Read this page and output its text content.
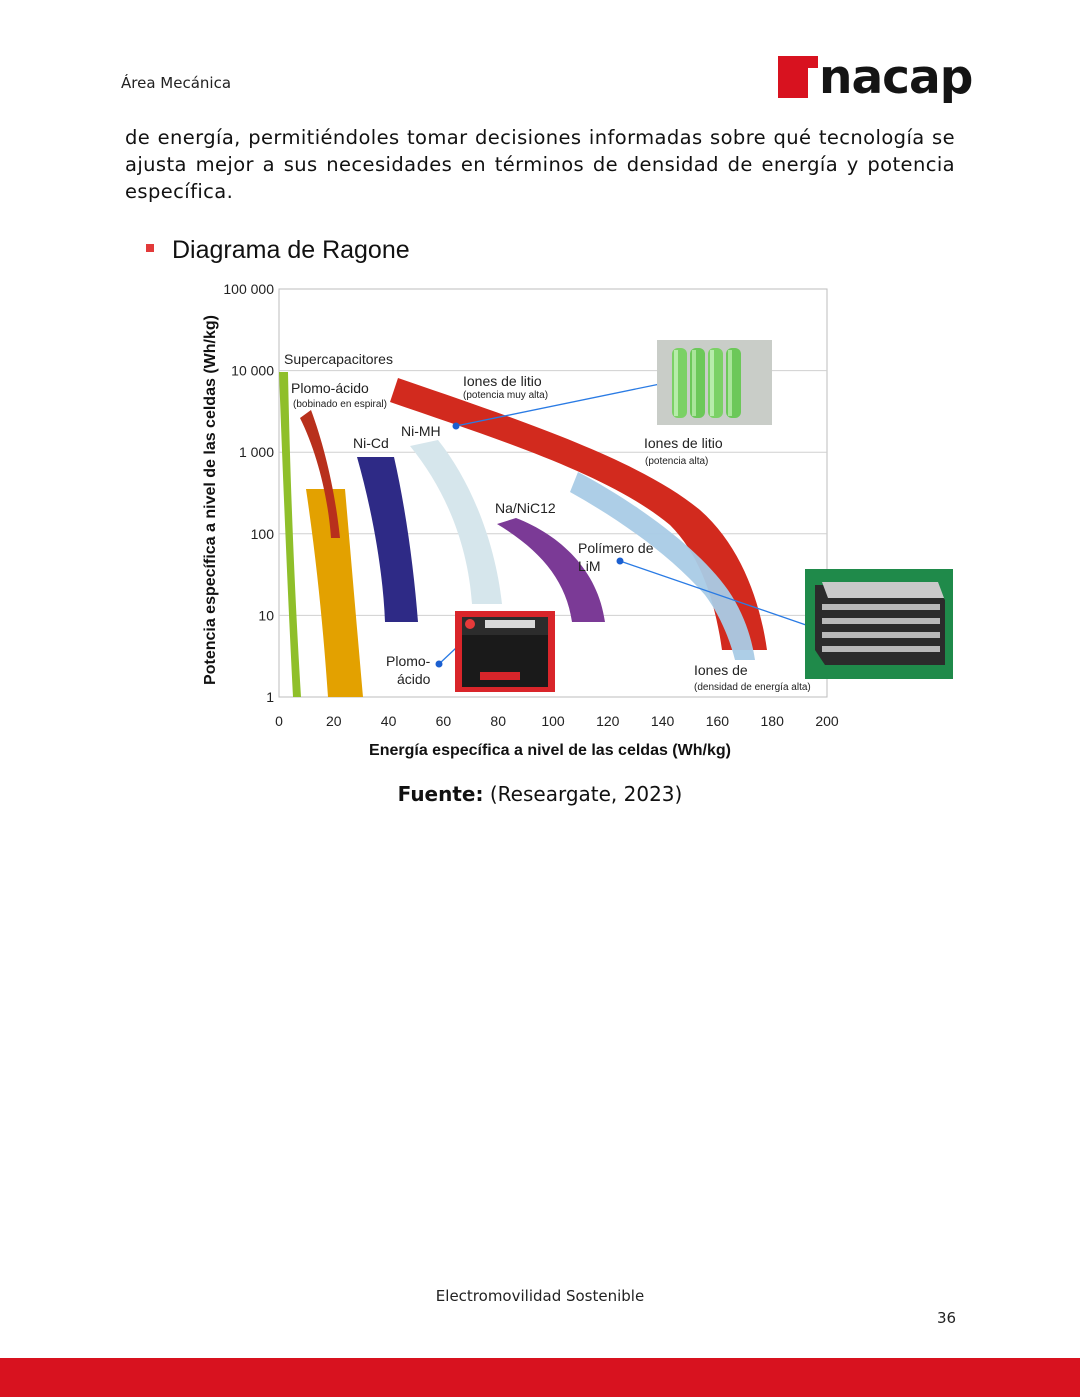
Área Mecánica	nacap
de energía, permitiéndoles tomar decisiones informadas sobre qué tecnología se ajusta mejor a sus necesidades en términos de densidad de energía y potencia específica.
Diagrama de Ragone
Supercapacitores
Plomo-ácido
(bobinado en espiral)
Ni-Cd
Ni-MH
Na/NiC12
Iones de litio
(potencia muy alta)
Polímero de
LiM
Iones de litio
(potencia alta)
Iones de
(densidad de energía alta)
Plomo-
ácido
0	20	40	60	80	100 120 140 160 180 200
1
10
100
1 000
10 000
100 000
Energía específica a nivel de las celdas (Wh/kg)
Potencia específica a nivel de las celdas (Wh/kg)
Fuente: (Researgate, 2023)
Electromovilidad Sostenible
36
